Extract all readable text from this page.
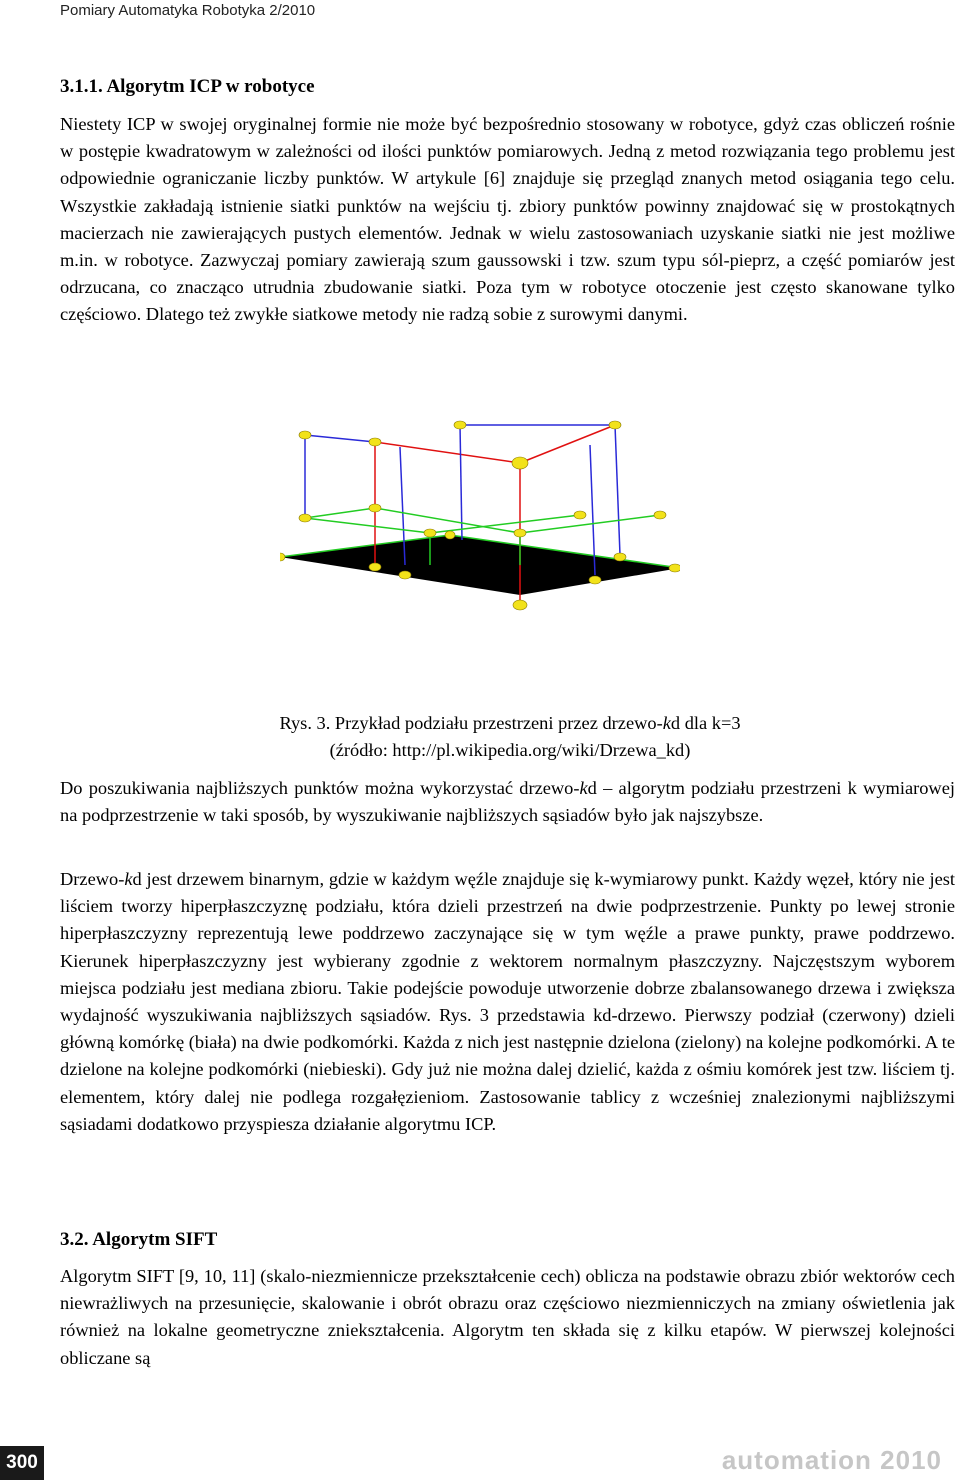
Pomiary Automatyka Robotyka 2/2010
3.1.1. Algorytm ICP w robotyce
Niestety ICP w swojej oryginalnej formie nie może być bezpośrednio stosowany w robotyce, gdyż czas obliczeń rośnie w postępie kwadratowym w zależności od ilości punktów pomiarowych. Jedną z metod rozwiązania tego problemu jest odpowiednie ograniczanie liczby punktów. W artykule [6] znajduje się przegląd znanych metod osiągania tego celu. Wszystkie zakładają istnienie siatki punktów na wejściu tj. zbiory punktów powinny znajdować się w prostokątnych macierzach nie zawierających pustych elementów. Jednak w wielu zastosowaniach uzyskanie siatki nie jest możliwe m.in. w robotyce. Zazwyczaj pomiary zawierają szum gaussowski i tzw. szum typu sól-pieprz, a część pomiarów jest odrzucana, co znacząco utrudnia zbudowanie siatki. Poza tym w robotyce otoczenie jest często skanowane tylko częściowo. Dlatego też zwykłe siatkowe metody nie radzą sobie z surowymi danymi.
Rys. 3. Przykład podziału przestrzeni przez drzewo-kd dla k=3
(źródło: http://pl.wikipedia.org/wiki/Drzewa_kd)
Do poszukiwania najbliższych punktów można wykorzystać drzewo-kd – algorytm podziału przestrzeni k wymiarowej na podprzestrzenie w taki sposób, by wyszukiwanie najbliższych sąsiadów było jak najszybsze.
Drzewo-kd jest drzewem binarnym, gdzie w każdym węźle znajduje się k-wymiarowy punkt. Każdy węzeł, który nie jest liściem tworzy hiperpłaszczyznę podziału, która dzieli przestrzeń na dwie podprzestrzenie. Punkty po lewej stronie hiperpłaszczyzny reprezentują lewe poddrzewo zaczynające się w tym węźle a prawe punkty, prawe poddrzewo. Kierunek hiperpłaszczyzny jest wybierany zgodnie z wektorem normalnym płaszczyzny. Najczęstszym wyborem miejsca podziału jest mediana zbioru. Takie podejście powoduje utworzenie dobrze zbalansowanego drzewa i zwiększa wydajność wyszukiwania najbliższych sąsiadów. Rys. 3 przedstawia kd-drzewo. Pierwszy podział (czerwony) dzieli główną komórkę (biała) na dwie podkomórki. Każda z nich jest następnie dzielona (zielony) na kolejne podkomórki. A te dzielone na kolejne podkomórki (niebieski). Gdy już nie można dalej dzielić, każda z ośmiu komórek jest tzw. liściem tj. elementem, który dalej nie podlega rozgałęzieniom. Zastosowanie tablicy z wcześniej znalezionymi najbliższymi sąsiadami dodatkowo przyspiesza działanie algorytmu ICP.
3.2. Algorytm SIFT
Algorytm SIFT [9, 10, 11] (skalo-niezmiennicze przekształcenie cech) oblicza na podstawie obrazu zbiór wektorów cech niewrażliwych na przesunięcie, skalowanie i obrót obrazu oraz częściowo niezmienniczych na zmiany oświetlenia jak również na lokalne geometryczne zniekształcenia. Algorytm ten składa się z kilku etapów. W pierwszej kolejności obliczane są
300	automation 2010
